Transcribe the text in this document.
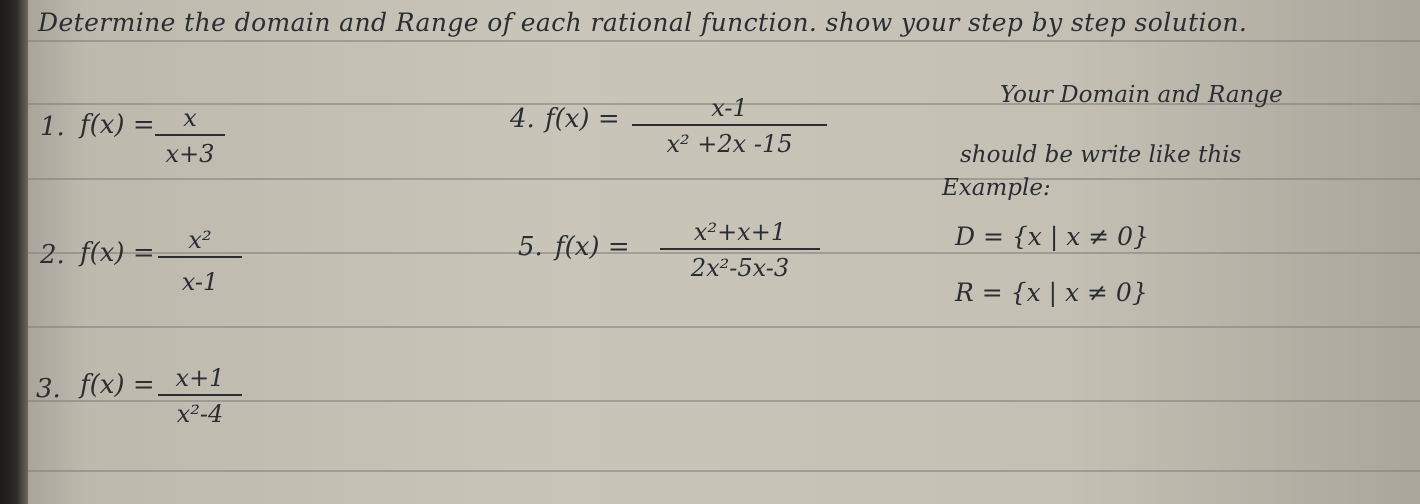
Determine the domain and Range of each rational function. show your step by step solution.
1. f(x) = x
x+3
2. f(x) = x²
x-1
3. f(x) = x+1
x²-4
4. f(x) =	x-1
x² +2x -15
5. f(x) =	x²+x+1
2x²-5x-3
Your Domain and Range
should be write like this
Example:
D = {x | x ≠ 0}
R = {x | x ≠ 0}
